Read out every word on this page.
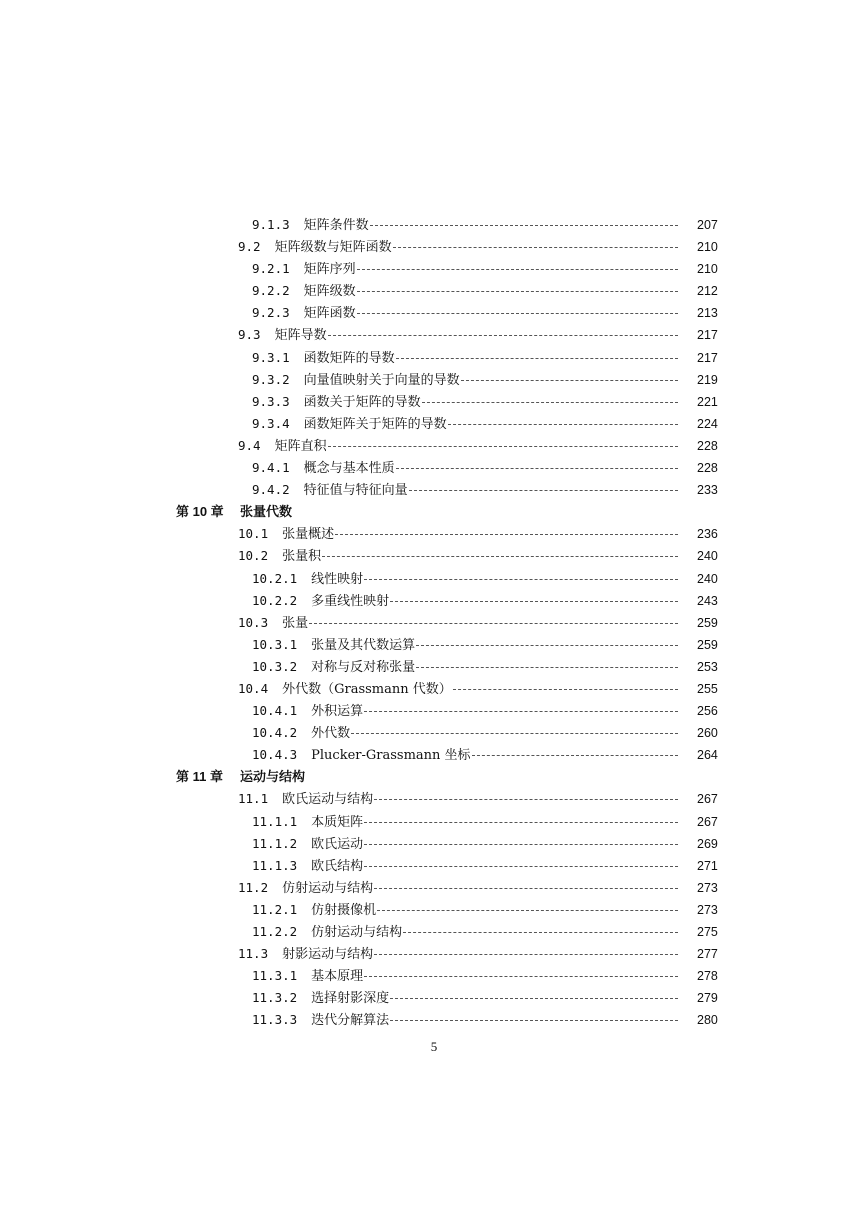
9.1.3 矩阵条件数	207
9.2 矩阵级数与矩阵函数	210
9.2.1 矩阵序列	210
9.2.2 矩阵级数	212
9.2.3 矩阵函数	213
9.3 矩阵导数	217
9.3.1 函数矩阵的导数	217
9.3.2 向量值映射关于向量的导数	219
9.3.3 函数关于矩阵的导数	221
9.3.4 函数矩阵关于矩阵的导数	224
9.4 矩阵直积	228
9.4.1 概念与基本性质	228
9.4.2 特征值与特征向量	233
第 10 章 张量代数
10.1 张量概述	236
10.2 张量积	240
10.2.1 线性映射	240
10.2.2 多重线性映射	243
10.3 张量	259
10.3.1 张量及其代数运算	259
10.3.2 对称与反对称张量	253
10.4 外代数（Grassmann 代数）	255
10.4.1 外积运算	256
10.4.2 外代数	260
10.4.3 Plucker-Grassmann 坐标	264
第 11 章 运动与结构
11.1 欧氏运动与结构	267
11.1.1 本质矩阵	267
11.1.2 欧氏运动	269
11.1.3 欧氏结构	271
11.2 仿射运动与结构	273
11.2.1 仿射摄像机	273
11.2.2 仿射运动与结构	275
11.3 射影运动与结构	277
11.3.1 基本原理	278
11.3.2 选择射影深度	279
11.3.3 迭代分解算法	280
5
